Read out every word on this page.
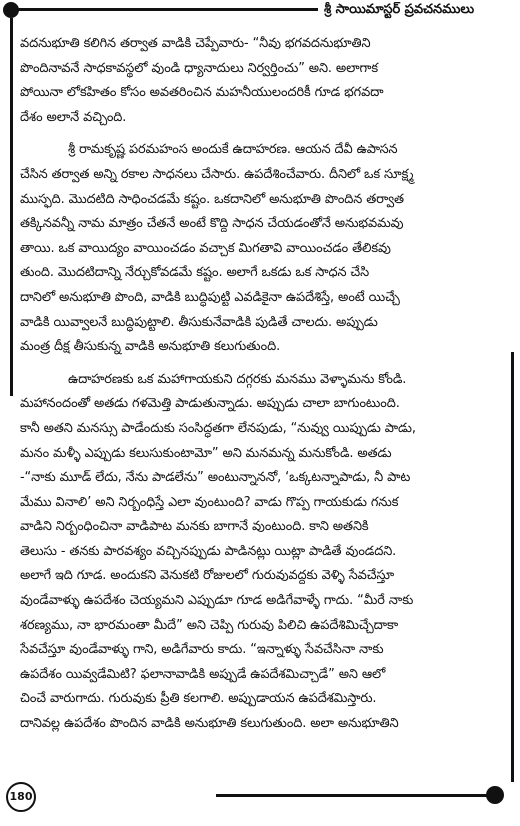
శ్రీ సాయిమాస్టర్ ప్రవచనములు
వదనుభూతి కలిగిన తర్వాత వాడికి చెప్పేవారు- “నీవు భగవదనుభూతిని
పొందినావనే సాధకావస్థలో వుండి ధ్యానాదులు నిర్వర్తించు” అని. అలాగాక
పోయినా లోకహితం కోసం అవతరించిన మహనీయులందరికీ గూడ భగవదా
దేశం అలానే వచ్చింది.
శ్రీ రామకృష్ణ పరమహంస అందుకే ఉదాహరణ. ఆయన దేవీ ఉపాసన
చేసిన తర్వాత అన్ని రకాల సాధనలు చేసారు. ఉపదేశించేవారు. దీనిలో ఒక సూక్ష్మ
ముస్ఫది. మొదటిది సాధించడమే కష్టం. ఒకదానిలో అనుభూతి పొందిన తర్వాత
తక్కినవన్నీ నామ మాత్రం చేతనే అంటే కొద్ది సాధన చేయడంతోనే అనుభవమవు
తాయి. ఒక వాయిద్యం వాయించడం వచ్చాక మిగతావి వాయించడం తేలికవు
తుంది. మొదటిదాన్ని నేర్చుకోవడమే కష్టం. అలాగే ఒకడు ఒక సాధన చేసి
దానిలో అనుభూతి పొంది, వాడికి బుద్ధిపుట్టి ఎవడికైనా ఉపదేశిస్తే, అంటే యిచ్చే
వాడికి యివ్వాలనే బుద్ధిపుట్టాలి. తీసుకునేవాడికి పుడితే చాలదు. అప్పుడు
మంత్ర దీక్ష తీసుకున్న వాడికి అనుభూతి కలుగుతుంది.
ఉదాహరణకు ఒక మహాగాయకుని దగ్గరకు మనము వెళ్ళామను కోండి.
మహానందంతో అతడు గళమెత్తి పాడుతున్నాడు. అప్పుడు చాలా బాగుంటుంది.
కానీ అతని మనస్సు పాడేందుకు సంసిద్ధతగా లేనపుడు, “నువ్వు యిప్పుడు పాడు,
మనం మళ్ళీ ఎప్పుడు కలుసుకుంటామో” అని మనమన్న మనుకోండి. అతడు
-“నాకు మూడ్ లేదు, నేను పాడలేను” అంటున్నాననో, ‘ఒక్కటన్నాపాడు, నీ పాట
మేము వినాలి’ అని నిర్బంధిస్తే ఎలా వుంటుంది? వాడు గొప్ప గాయకుడు గనుక
వాడిని నిర్బంధించినా వాడిపాట మనకు బాగానే వుంటుంది. కాని అతనికి
తెలుసు - తనకు పారవశ్యం వచ్చినప్పుడు పాడినట్లు యిట్లా పాడితే వుండదని.
అలాగే ఇది గూడ. అందుకని వెనుకటి రోజులలో గురువువద్దకు వెళ్ళి సేవచేస్తూ
వుండేవాళ్ళు ఉపదేశం చెయ్యమని ఎప్పుడూ గూడ అడిగేవాళ్ళే గాదు. “మీరే నాకు
శరణ్యము, నా భారమంతా మీదే” అని చెప్పి గురువు పిలిచి ఉపదేశిమిచ్చేదాకా
సేవచేస్తూ వుండేవాళ్ళు గాని, అడిగేవారు కాదు. “ఇన్నాళ్ళు సేవచేసినా నాకు
ఉపదేశం యివ్వడేమిటి? ఫలానావాడికి అప్పుడే ఉపదేశమిచ్చాడే” అని ఆలో
చించే వారుగాదు. గురువుకు ప్రీతి కలగాలి. అప్పుడాయన ఉపదేశమిస్తారు.
దానివల్ల ఉపదేశం పొందిన వాడికి అనుభూతి కలుగుతుంది. అలా అనుభూతిని
180
